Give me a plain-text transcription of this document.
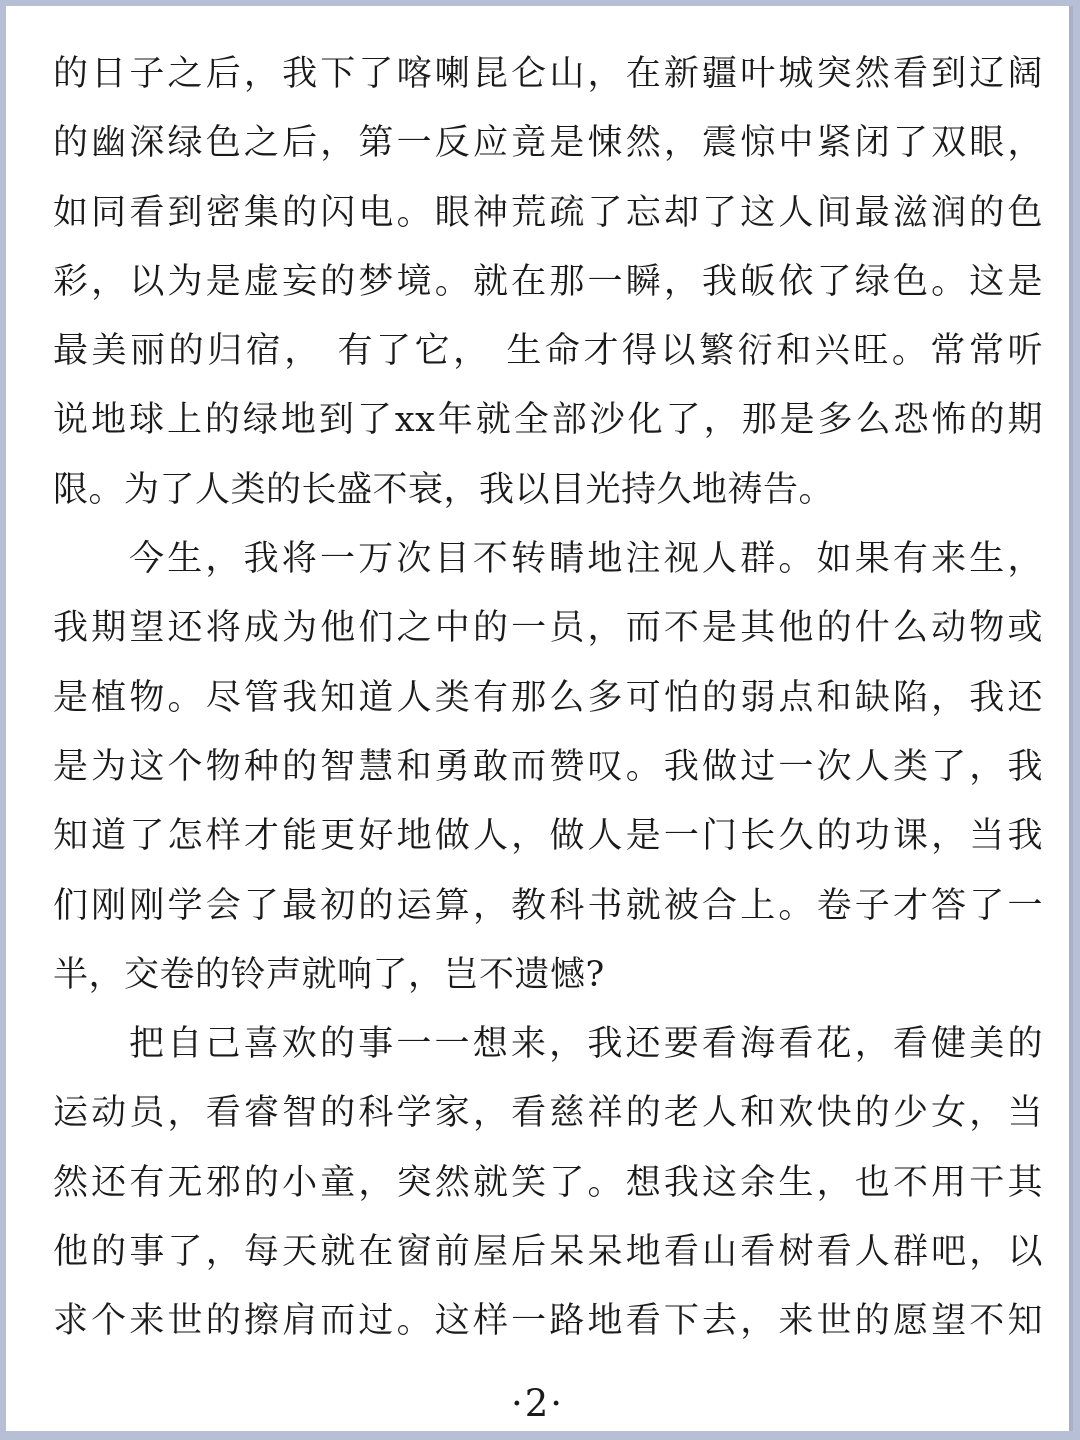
的日子之后，我下了喀喇昆仑山，在新疆叶城突然看到辽阔
的幽深绿色之后，第一反应竟是悚然，震惊中紧闭了双眼，
如同看到密集的闪电。眼神荒疏了忘却了这人间最滋润的色
彩，以为是虚妄的梦境。就在那一瞬，我皈依了绿色。这是
最美丽的归宿， 有了它， 生命才得以繁衍和兴旺。常常听
说地球上的绿地到了xx年就全部沙化了，那是多么恐怖的期
限。为了人类的长盛不衰，我以目光持久地祷告。
今生，我将一万次目不转睛地注视人群。如果有来生，
我期望还将成为他们之中的一员，而不是其他的什么动物或
是植物。尽管我知道人类有那么多可怕的弱点和缺陷，我还
是为这个物种的智慧和勇敢而赞叹。我做过一次人类了，我
知道了怎样才能更好地做人，做人是一门长久的功课，当我
们刚刚学会了最初的运算，教科书就被合上。卷子才答了一
半，交卷的铃声就响了，岂不遗憾?
把自己喜欢的事一一想来，我还要看海看花，看健美的
运动员，看睿智的科学家，看慈祥的老人和欢快的少女，当
然还有无邪的小童，突然就笑了。想我这余生，也不用干其
他的事了，每天就在窗前屋后呆呆地看山看树看人群吧，以
求个来世的擦肩而过。这样一路地看下去，来世的愿望不知
·2·
